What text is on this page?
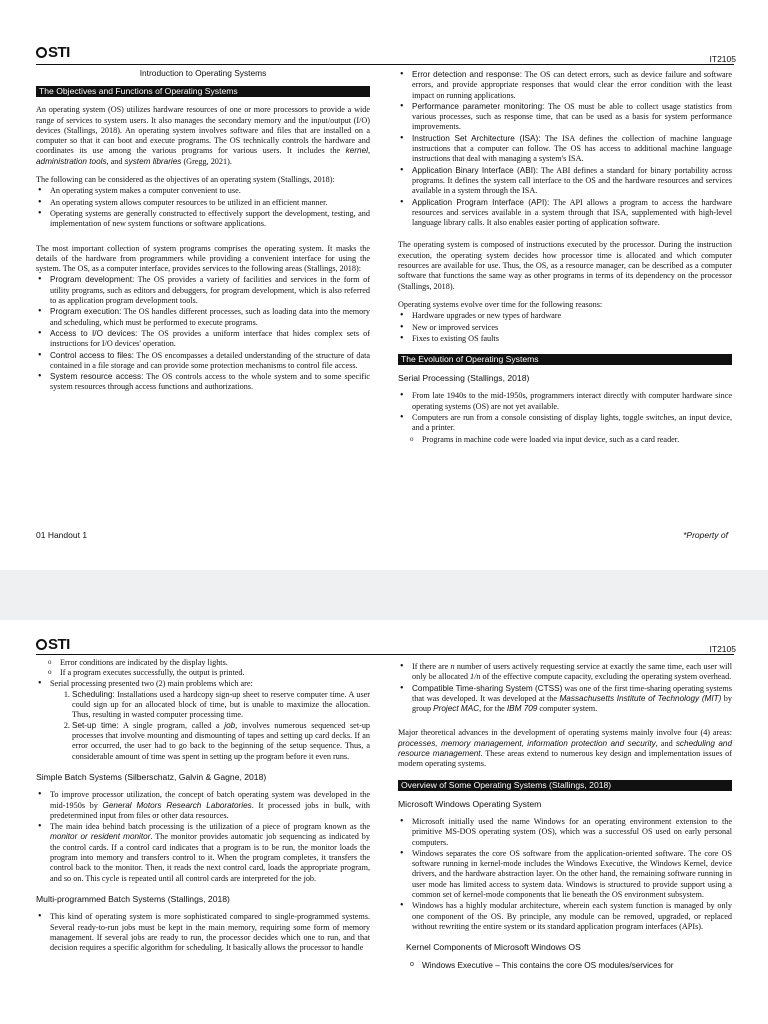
STI	IT2105

Introduction to Operating Systems

The Objectives and Functions of Operating Systems

An operating system (OS) utilizes hardware resources of one or more processors to provide a wide range of services to system users. It also manages the secondary memory and the input/output (I/O) devices (Stallings, 2018). An operating system involves software and files that are installed on a computer so that it can boot and execute programs. The OS technically controls the hardware and coordinates its use among the various programs for various users. It includes the kernel, administration tools, and system libraries (Gregg, 2021).

The following can be considered as the objectives of an operating system (Stallings, 2018):

• An operating system makes a computer convenient to use.
• An operating system allows computer resources to be utilized in an efficient manner.
• Operating systems are generally constructed to effectively support the development, testing, and implementation of new system functions or software applications.

The most important collection of system programs comprises the operating system. It masks the details of the hardware from programmers while providing a convenient interface for using the system. The OS, as a computer interface, provides services to the following areas (Stallings, 2018):

• Program development: The OS provides a variety of facilities and services in the form of utility programs, such as editors and debuggers, for program development, which is also referred to as application program development tools.
• Program execution: The OS handles different processes, such as loading data into the memory and scheduling, which must be performed to execute programs.
• Access to I/O devices: The OS provides a uniform interface that hides complex sets of instructions for I/O devices' operation.
• Control access to files: The OS encompasses a detailed understanding of the structure of data contained in a file storage and can provide some protection mechanisms to control file access.
• System resource access: The OS controls access to the whole system and to some specific system resources through access functions and authorizations.
• Error detection and response: The OS can detect errors, such as device failure and software errors, and provide appropriate responses that would clear the error condition with the least impact on running applications.
• Performance parameter monitoring: The OS must be able to collect usage statistics from various processes, such as response time, that can be used as a basis for system performance improvements.
• Instruction Set Architecture (ISA): The ISA defines the collection of machine language instructions that a computer can follow. The OS has access to additional machine language instructions that deal with managing a system's ISA.
• Application Binary Interface (ABI): The ABI defines a standard for binary portability across programs. It defines the system call interface to the OS and the hardware resources and services available in a system through the ISA.
• Application Program Interface (API): The API allows a program to access the hardware resources and services available in a system through that ISA, supplemented with high-level language library calls. It also enables easier porting of application software.

The operating system is composed of instructions executed by the processor. During the instruction execution, the operating system decides how processor time is allocated and which computer resources are available for use. Thus, the OS, as a resource manager, can be described as a computer software that functions the same way as other programs in terms of its dependency on the processor (Stallings, 2018).

Operating systems evolve over time for the following reasons:

• Hardware upgrades or new types of hardware
• New or improved services
• Fixes to existing OS faults

The Evolution of Operating Systems

Serial Processing (Stallings, 2018)

• From late 1940s to the mid-1950s, programmers interact directly with computer hardware since operating systems (OS) are not yet available.
• Computers are run from a console consisting of display lights, toggle switches, an input device, and a printer.
o Programs in machine code were loaded via input device, such as a card reader.
01 Handout 1	*Property of
STI	IT2105
o Error conditions are indicated by the display lights.
o If a program executes successfully, the output is printed.
• Serial processing presented two (2) main problems which are:
1. Scheduling: Installations used a hardcopy sign-up sheet to reserve computer time. A user could sign up for an allocated block of time, but is unable to maximize the allocation. Thus, resulting in wasted computer processing time.
2. Set-up time: A single program, called a job, involves numerous sequenced set-up processes that involve mounting and dismounting of tapes and setting up card decks. If an error occurred, the user had to go back to the beginning of the setup sequence. Thus, a considerable amount of time was spent in setting up the program before it even runs.

Simple Batch Systems (Silberschatz, Galvin & Gagne, 2018)

• To improve processor utilization, the concept of batch operating system was developed in the mid-1950s by General Motors Research Laboratories. It processed jobs in bulk, with predetermined input from files or other data resources.
• The main idea behind batch processing is the utilization of a piece of program known as the monitor or resident monitor. The monitor provides automatic job sequencing as indicated by the control cards. If a control card indicates that a program is to be run, the monitor loads the program into memory and transfers control to it. When the program completes, it transfers the control back to the monitor. Then, it reads the next control card, loads the appropriate program, and so on. This cycle is repeated until all control cards are interpreted for the job.

Multi-programmed Batch Systems (Stallings, 2018)

• This kind of operating system is more sophisticated compared to single-programmed systems. Several ready-to-run jobs must be kept in the main memory, requiring some form of memory management. If several jobs are ready to run, the processor decides which one to run, and that decision requires a specific algorithm for scheduling. It basically allows the processor to handle
• If there are n number of users actively requesting service at exactly the same time, each user will only be allocated 1/n of the effective compute capacity, excluding the operating system overhead.
• Compatible Time-sharing System (CTSS) was one of the first time-sharing operating systems that was developed. It was developed at the Massachusetts Institute of Technology (MIT) by group Project MAC, for the IBM 709 computer system.

Major theoretical advances in the development of operating systems mainly involve four (4) areas: processes, memory management, information protection and security, and scheduling and resource management. These areas extend to numerous key design and implementation issues of modern operating systems.

Overview of Some Operating Systems (Stallings, 2018)

Microsoft Windows Operating System

• Microsoft initially used the name Windows for an operating environment extension to the primitive MS-DOS operating system (OS), which was a successful OS used on early personal computers.
• Windows separates the core OS software from the application-oriented software. The core OS software running in kernel-mode includes the Windows Executive, the Windows Kernel, device drivers, and the hardware abstraction layer. On the other hand, the remaining software running in user mode has limited access to system data. Windows is structured to provide support using a common set of kernel-mode components that lie beneath the OS environment subsystem.
• Windows has a highly modular architecture, wherein each system function is managed by only one component of the OS. By principle, any module can be removed, upgraded, or replaced without rewriting the entire system or its standard application program interfaces (APIs).

Kernel Components of Microsoft Windows OS

o Windows Executive – This contains the core OS modules/services for
